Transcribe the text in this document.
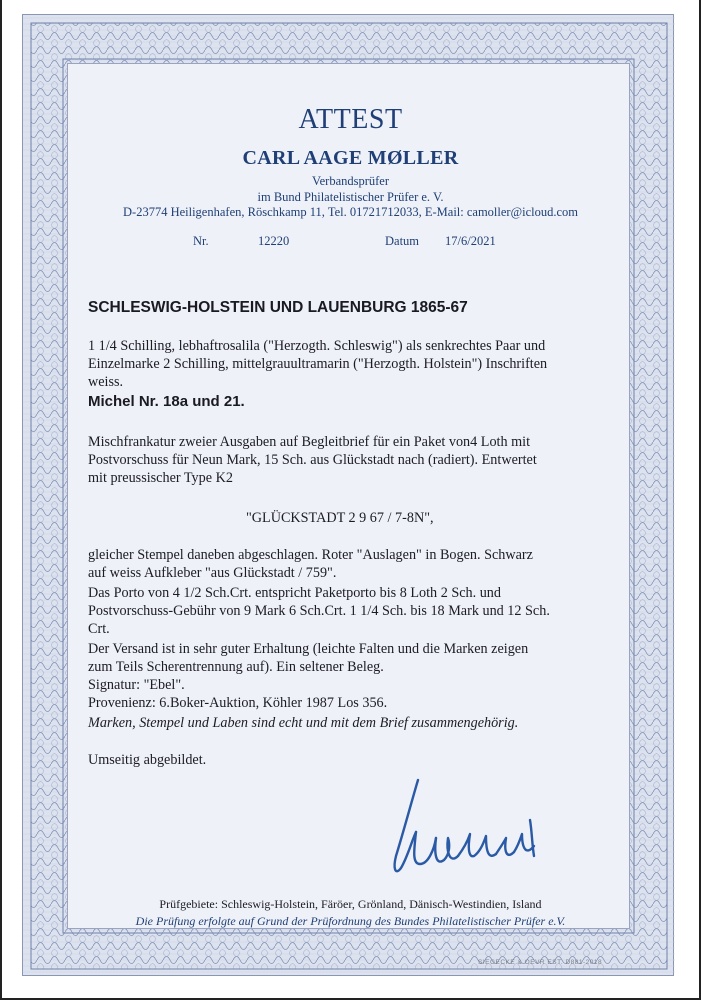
ATTEST
CARL AAGE MØLLER
Verbandsprüfer
im Bund Philatelistischer Prüfer e. V.
D-23774 Heiligenhafen, Röschkamp 11, Tel. 01721712033, E-Mail: camoller@icloud.com
Nr.	12220	Datum 17/6/2021
SCHLESWIG-HOLSTEIN UND LAUENBURG 1865-67
1 1/4 Schilling, lebhaftrosalila ("Herzogth. Schleswig") als senkrechtes Paar und
Einzelmarke 2 Schilling, mittelgrauultramarin ("Herzogth. Holstein") Inschriften
weiss.
Michel Nr. 18a und 21.
Mischfrankatur zweier Ausgaben auf Begleitbrief für ein Paket von4 Loth mit
Postvorschuss für Neun Mark, 15 Sch. aus Glückstadt nach (radiert). Entwertet
mit preussischer Type K2
"GLÜCKSTADT 2 9 67 / 7-8N",
gleicher Stempel daneben abgeschlagen. Roter "Auslagen" in Bogen. Schwarz
auf weiss Aufkleber "aus Glückstadt / 759".
Das Porto von 4 1/2 Sch.Crt. entspricht Paketporto bis 8 Loth 2 Sch. und
Postvorschuss-Gebühr von 9 Mark 6 Sch.Crt. 1 1/4 Sch. bis 18 Mark und 12 Sch.
Crt.
Der Versand ist in sehr guter Erhaltung (leichte Falten und die Marken zeigen
zum Teils Scherentrennung auf). Ein seltener Beleg.
Signatur: "Ebel".
Provenienz: 6.Boker-Auktion, Köhler 1987 Los 356.
Marken, Stempel und Laben sind echt und mit dem Brief zusammengehörig.
Umseitig abgebildet.
Prüfgebiete: Schleswig-Holstein, Färöer, Grönland, Dänisch-Westindien, Island
Die Prüfung erfolgte auf Grund der Prüfordnung des Bundes Philatelistischer Prüfer e.V.
SIEGECKE & OEVR EST. D881-2018
